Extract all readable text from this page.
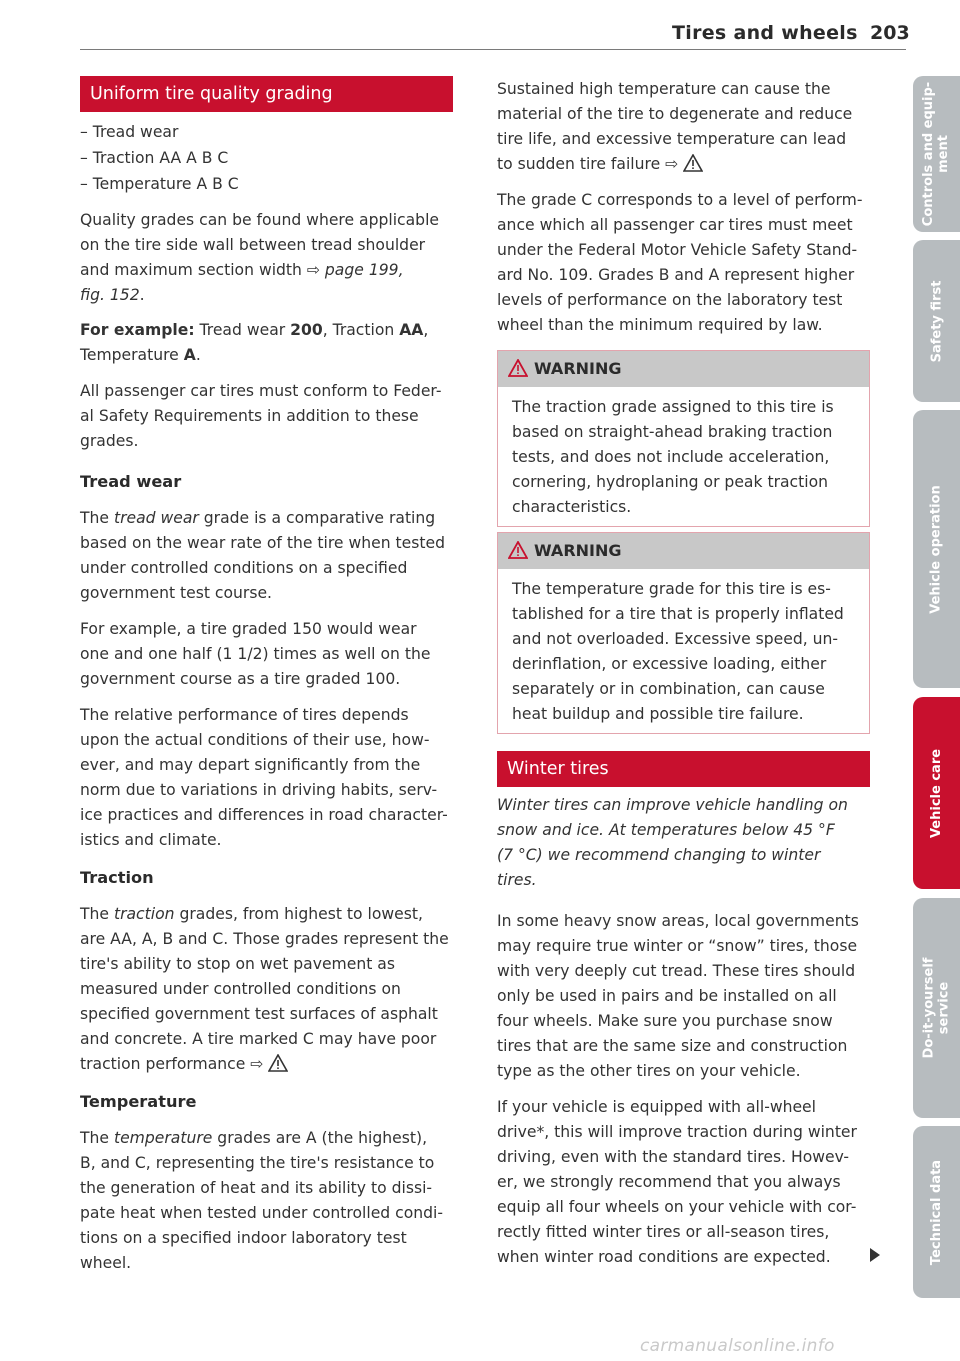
Tires and wheels 203
Uniform tire quality grading
– Tread wear
– Traction AA A B C
– Temperature A B C
Quality grades can be found where applicable
on the tire side wall between tread shoulder
and maximum section width ⇨ page 199,
fig. 152.
For example: Tread wear 200, Traction AA,
Temperature A.
All passenger car tires must conform to Feder-
al Safety Requirements in addition to these
grades.
Tread wear
The tread wear grade is a comparative rating
based on the wear rate of the tire when tested
under controlled conditions on a specified
government test course.
For example, a tire graded 150 would wear
one and one half (1 1/2) times as well on the
government course as a tire graded 100.
The relative performance of tires depends
upon the actual conditions of their use, how-
ever, and may depart significantly from the
norm due to variations in driving habits, serv-
ice practices and differences in road character-
istics and climate.
Traction
The traction grades, from highest to lowest,
are AA, A, B and C. Those grades represent the
tire's ability to stop on wet pavement as
measured under controlled conditions on
specified government test surfaces of asphalt
and concrete. A tire marked C may have poor
traction performance ⇨
Temperature
The temperature grades are A (the highest),
B, and C, representing the tire's resistance to
the generation of heat and its ability to dissi-
pate heat when tested under controlled condi-
tions on a specified indoor laboratory test
wheel.
Sustained high temperature can cause the
material of the tire to degenerate and reduce
tire life, and excessive temperature can lead
to sudden tire failure ⇨
The grade C corresponds to a level of perform-
ance which all passenger car tires must meet
under the Federal Motor Vehicle Safety Stand-
ard No. 109. Grades B and A represent higher
levels of performance on the laboratory test
wheel than the minimum required by law.
WARNING
The traction grade assigned to this tire is
based on straight-ahead braking traction
tests, and does not include acceleration,
cornering, hydroplaning or peak traction
characteristics.
WARNING
The temperature grade for this tire is es-
tablished for a tire that is properly inflated
and not overloaded. Excessive speed, un-
derinflation, or excessive loading, either
separately or in combination, can cause
heat buildup and possible tire failure.
Winter tires
Winter tires can improve vehicle handling on
snow and ice. At temperatures below 45 °F
(7 °C) we recommend changing to winter
tires.
In some heavy snow areas, local governments
may require true winter or “snow” tires, those
with very deeply cut tread. These tires should
only be used in pairs and be installed on all
four wheels. Make sure you purchase snow
tires that are the same size and construction
type as the other tires on your vehicle.
If your vehicle is equipped with all-wheel
drive*, this will improve traction during winter
driving, even with the standard tires. Howev-
er, we strongly recommend that you always
equip all four wheels on your vehicle with cor-
rectly fitted winter tires or all-season tires,
when winter road conditions are expected.
Controls and equip- ment
Safety first
Vehicle operation
Vehicle care
Do-it-yourself service
Technical data
carmanualsonline.info
